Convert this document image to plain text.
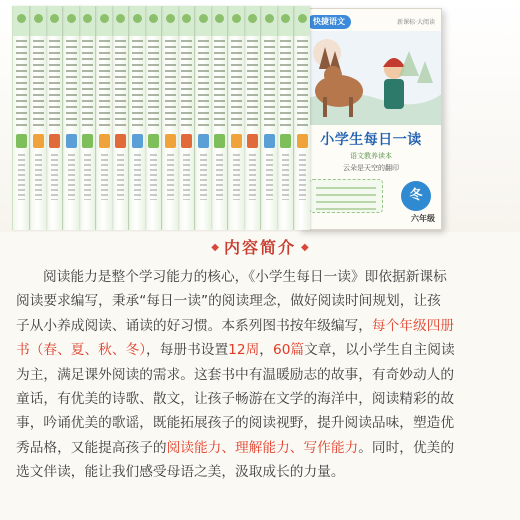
快捷语文	新课标·大阅读
小学生每日一读
语文教养读本
云朵是天空的翻印
冬
六年级
◆ 内容简介 ◆
阅读能力是整个学习能力的核心，《小学生每日一读》即依据新课标
阅读要求编写，秉承“每日一读”的阅读理念，做好阅读时间规划，让孩
子从小养成阅读、诵读的好习惯。本系列图书按年级编写，每个年级四册
书（春、夏、秋、冬），每册书设置12周，60篇文章，以小学生自主阅读
为主，满足课外阅读的需求。这套书中有温暖励志的故事，有奇妙动人的
童话，有优美的诗歌、散文，让孩子畅游在文学的海洋中，阅读精彩的故
事，吟诵优美的歌谣，既能拓展孩子的阅读视野，提升阅读品味，塑造优
秀品格，又能提高孩子的阅读能力、理解能力、写作能力。同时，优美的
选文伴读，能让我们感受母语之美，汲取成长的力量。
